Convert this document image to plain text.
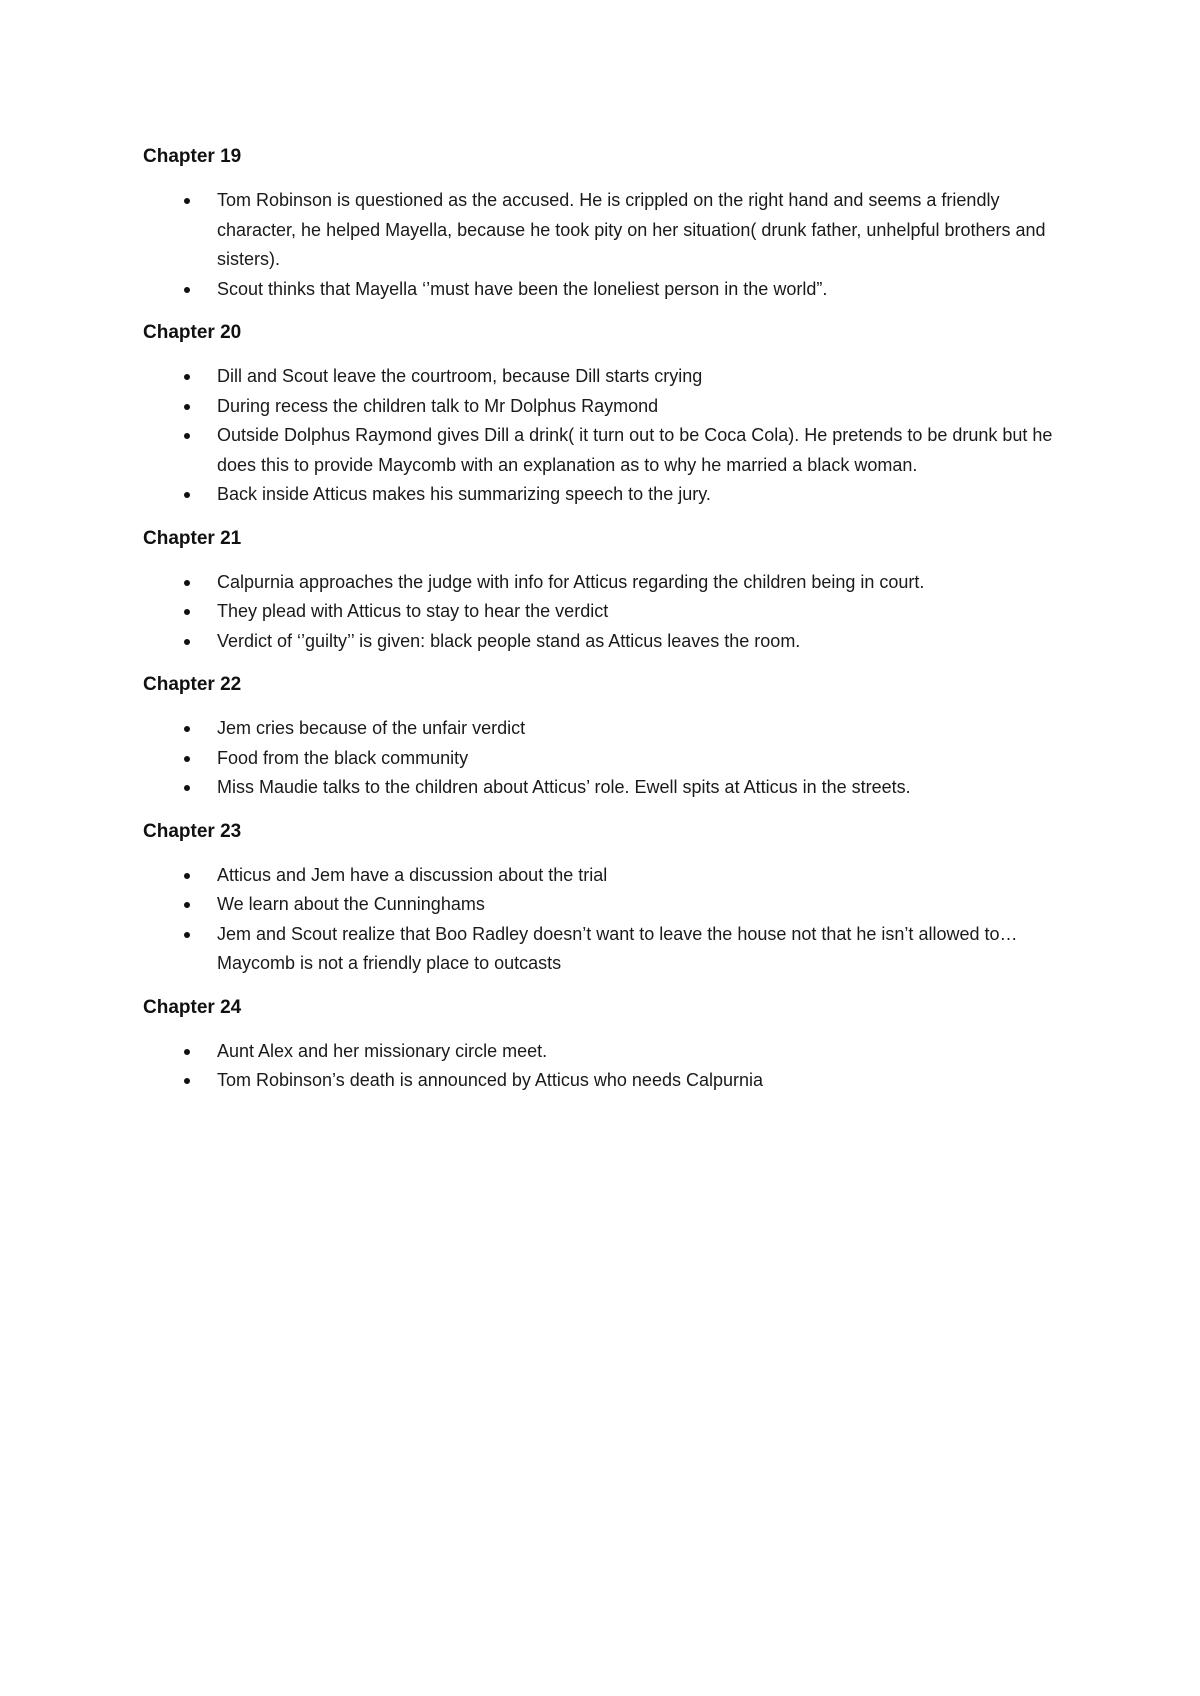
Chapter 19
Tom Robinson is questioned as the accused. He is crippled on the right hand and seems a friendly character, he helped Mayella, because he took pity on her situation( drunk father, unhelpful brothers and sisters).
Scout thinks that Mayella ‘’must have been the loneliest person in the world”.
Chapter 20
Dill and Scout leave the courtroom, because Dill starts crying
During recess the children talk to Mr Dolphus Raymond
Outside Dolphus Raymond gives Dill a drink( it turn out to be Coca Cola). He pretends to be drunk but he does this to provide Maycomb with an explanation as to why he married a black woman.
Back inside Atticus makes his summarizing speech to the jury.
Chapter 21
Calpurnia approaches the judge with info for Atticus regarding the children being in court.
They plead with Atticus to stay to hear the verdict
Verdict of ‘’guilty’’ is given: black people stand as Atticus leaves the room.
Chapter 22
Jem cries because of the unfair verdict
Food from the black community
Miss Maudie talks to the children about Atticus’ role. Ewell spits at Atticus in the streets.
Chapter 23
Atticus and Jem have a discussion about the trial
We learn about the Cunninghams
Jem and Scout realize that Boo Radley doesn’t want to leave the house not that he isn’t allowed to… Maycomb is not a friendly place to outcasts
Chapter 24
Aunt Alex and her missionary circle meet.
Tom Robinson’s death is announced by Atticus who needs Calpurnia
